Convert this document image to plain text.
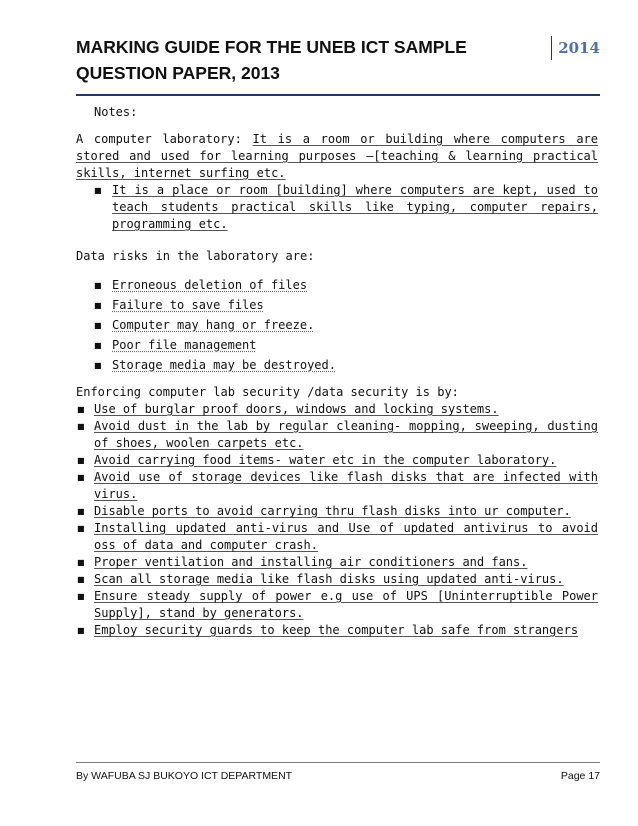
MARKING GUIDE FOR THE UNEB ICT SAMPLE QUESTION PAPER, 2013
2014

Notes:

A computer laboratory: It is a room or building where computers are stored and used for learning purposes –[teaching & learning practical skills, internet surfing etc.

■ It is a place or room [building] where computers are kept, used to teach students practical skills like typing, computer repairs, programming etc.

Data risks in the laboratory are:

■ Erroneous deletion of files
■ Failure to save files
■ Computer may hang or freeze.
■ Poor file management
■ Storage media may be destroyed.

Enforcing computer lab security /data security is by:

■ Use of burglar proof doors, windows and locking systems.
■ Avoid dust in the lab by regular cleaning- mopping, sweeping, dusting of shoes, woolen carpets etc.
■ Avoid carrying food items- water etc in the computer laboratory.
■ Avoid use of storage devices like flash disks that are infected with virus.
■ Disable ports to avoid carrying thru flash disks into ur computer.
■ Installing updated anti-virus and Use of updated antivirus to avoid oss of data and computer crash.
■ Proper ventilation and installing air conditioners and fans.
■ Scan all storage media like flash disks using updated anti-virus.
■ Ensure steady supply of power e.g use of UPS [Uninterruptible Power Supply], stand by generators.
■ Employ security guards to keep the computer lab safe from strangers
By WAFUBA SJ BUKOYO ICT DEPARTMENT	Page 17
